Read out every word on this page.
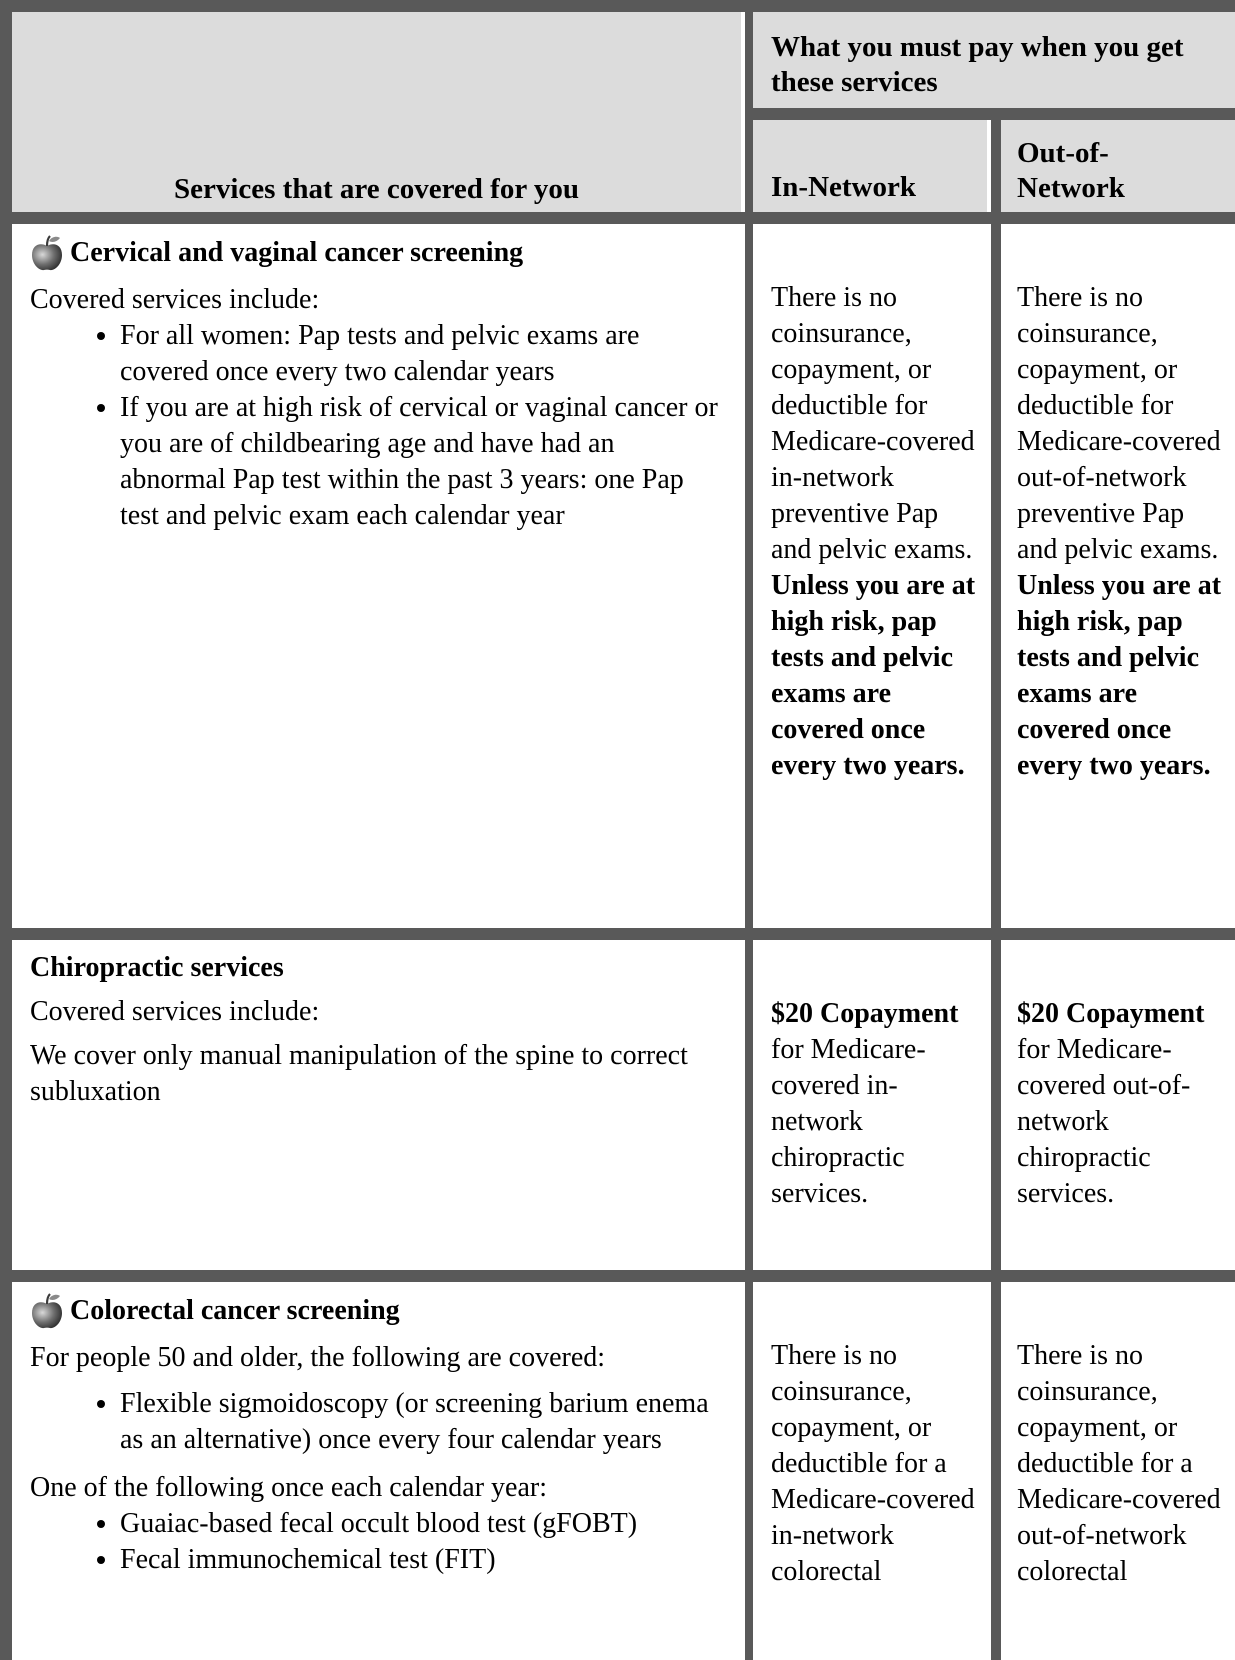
Services that are covered for you
What you must pay when you get these services
In-Network
Out-of-
Network
Cervical and vaginal cancer screening

Covered services include:

• For all women: Pap tests and pelvic exams are covered once every two calendar years
• If you are at high risk of cervical or vaginal cancer or you are of childbearing age and have had an abnormal Pap test within the past 3 years: one Pap test and pelvic exam each calendar year

There is no coinsurance, copayment, or deductible for Medicare-covered in-network preventive Pap and pelvic exams.

Unless you are at high risk, pap tests and pelvic exams are covered once every two years.

There is no coinsurance, copayment, or deductible for Medicare-covered out-of-network preventive Pap and pelvic exams.

Unless you are at high risk, pap tests and pelvic exams are covered once every two years.

Chiropractic services

Covered services include:

We cover only manual manipulation of the spine to correct subluxation

$20 Copayment for Medicare-covered in-network chiropractic services.

$20 Copayment for Medicare-covered out-of-network chiropractic services.

Colorectal cancer screening

For people 50 and older, the following are covered:

• Flexible sigmoidoscopy (or screening barium enema as an alternative) once every four calendar years

One of the following once each calendar year:

• Guaiac-based fecal occult blood test (gFOBT)
• Fecal immunochemical test (FIT)

There is no coinsurance, copayment, or deductible for a Medicare-covered in-network colorectal

There is no coinsurance, copayment, or deductible for a Medicare-covered out-of-network colorectal
